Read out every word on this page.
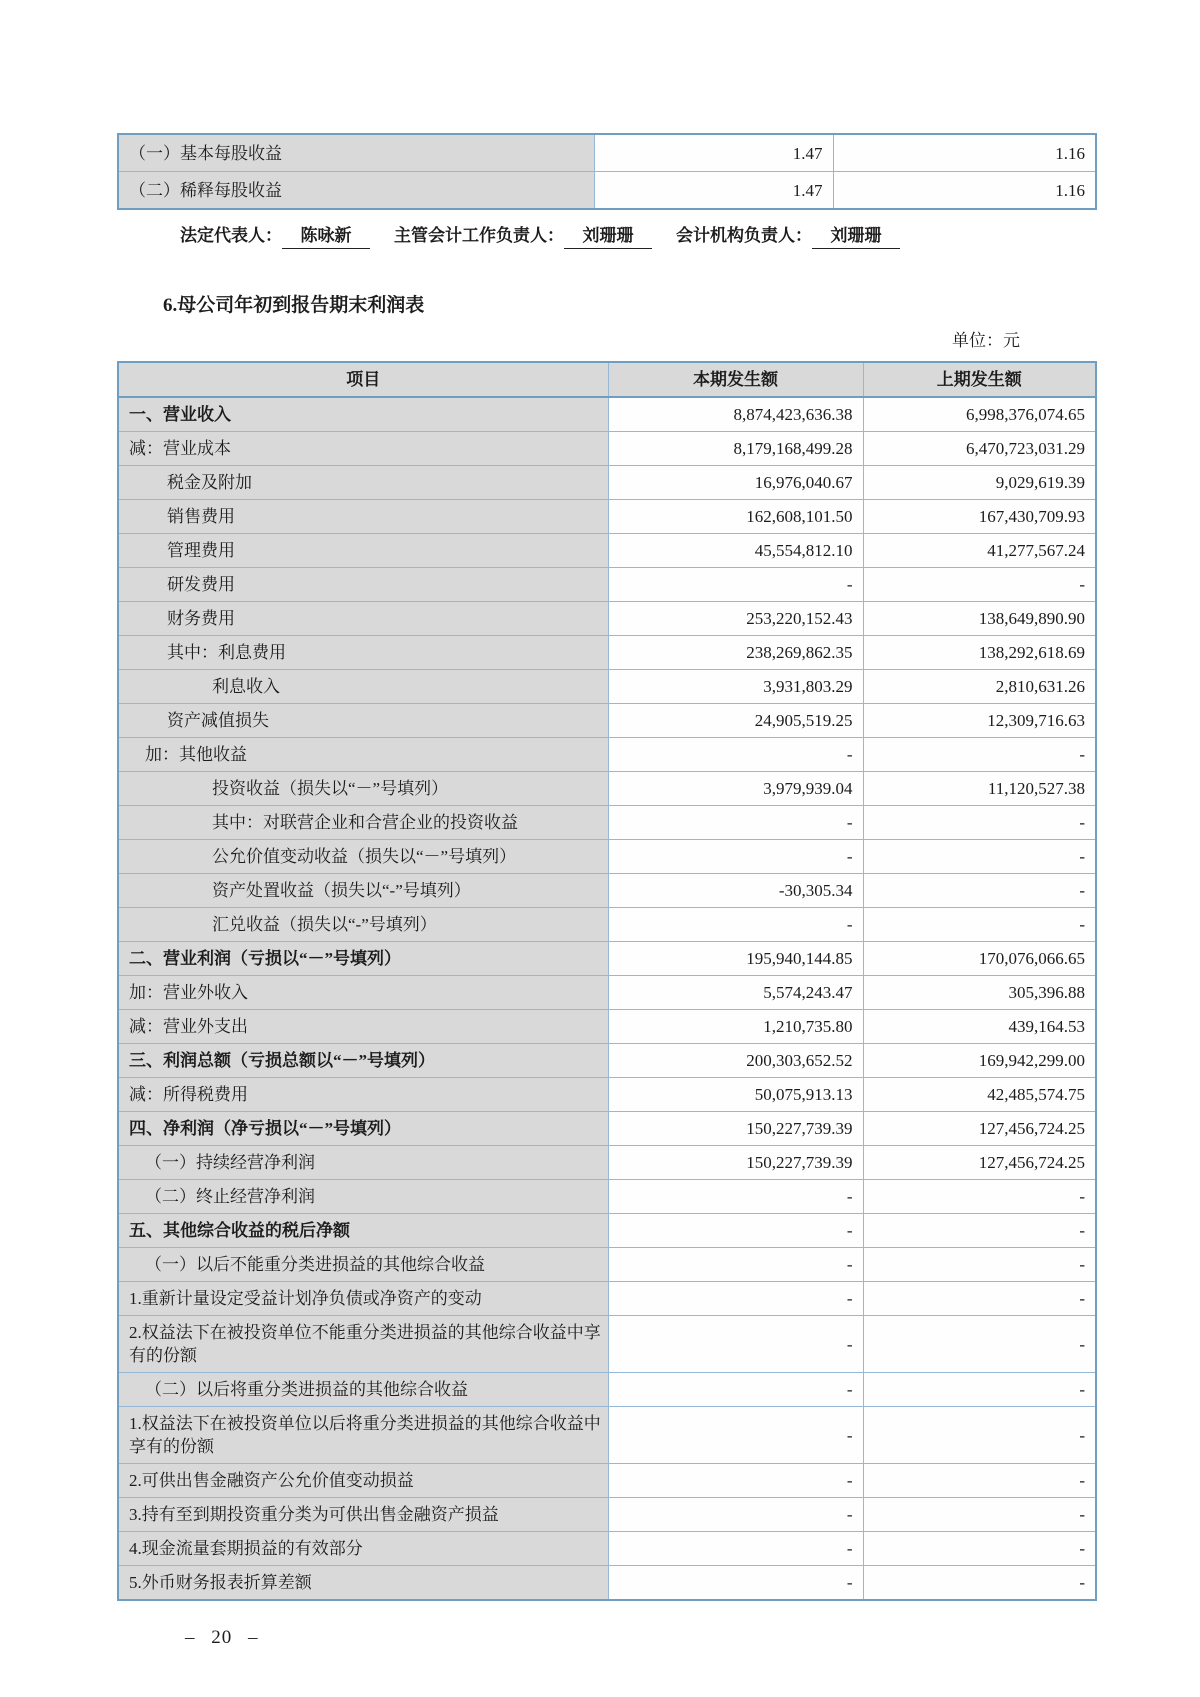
（一）基本每股收益	1.47	1.16
（二）稀释每股收益	1.47	1.16
法定代表人： 陈咏新	主管会计工作负责人： 刘珊珊	会计机构负责人： 刘珊珊
6.母公司年初到报告期末利润表
单位：元
项目	本期发生额	上期发生额
一、营业收入	8,874,423,636.38	6,998,376,074.65
减：营业成本	8,179,168,499.28	6,470,723,031.29
税金及附加	16,976,040.67	9,029,619.39
销售费用	162,608,101.50	167,430,709.93
管理费用	45,554,812.10	41,277,567.24
研发费用	-	-
财务费用	253,220,152.43	138,649,890.90
其中：利息费用	238,269,862.35	138,292,618.69
利息收入	3,931,803.29	2,810,631.26
资产减值损失	24,905,519.25	12,309,716.63
加：其他收益	-	-
投资收益（损失以“－”号填列）	3,979,939.04	11,120,527.38
其中：对联营企业和合营企业的投资收益	-	-
公允价值变动收益（损失以“－”号填列）	-	-
资产处置收益（损失以“-”号填列）	-30,305.34	-
汇兑收益（损失以“-”号填列）	-	-
二、营业利润（亏损以“－”号填列）	195,940,144.85	170,076,066.65
加：营业外收入	5,574,243.47	305,396.88
减：营业外支出	1,210,735.80	439,164.53
三、利润总额（亏损总额以“－”号填列）	200,303,652.52	169,942,299.00
减：所得税费用	50,075,913.13	42,485,574.75
四、净利润（净亏损以“－”号填列）	150,227,739.39	127,456,724.25
（一）持续经营净利润	150,227,739.39	127,456,724.25
（二）终止经营净利润	-	-
五、其他综合收益的税后净额	-	-
（一）以后不能重分类进损益的其他综合收益	-	-
1.重新计量设定受益计划净负债或净资产的变动	-	-
2.权益法下在被投资单位不能重分类进损益的其他综合收益中享有的份额	-	-
（二）以后将重分类进损益的其他综合收益	-	-
1.权益法下在被投资单位以后将重分类进损益的其他综合收益中享有的份额	-	-
2.可供出售金融资产公允价值变动损益	-	-
3.持有至到期投资重分类为可供出售金融资产损益	-	-
4.现金流量套期损益的有效部分	-	-
5.外币财务报表折算差额	-	-
– 20 –
